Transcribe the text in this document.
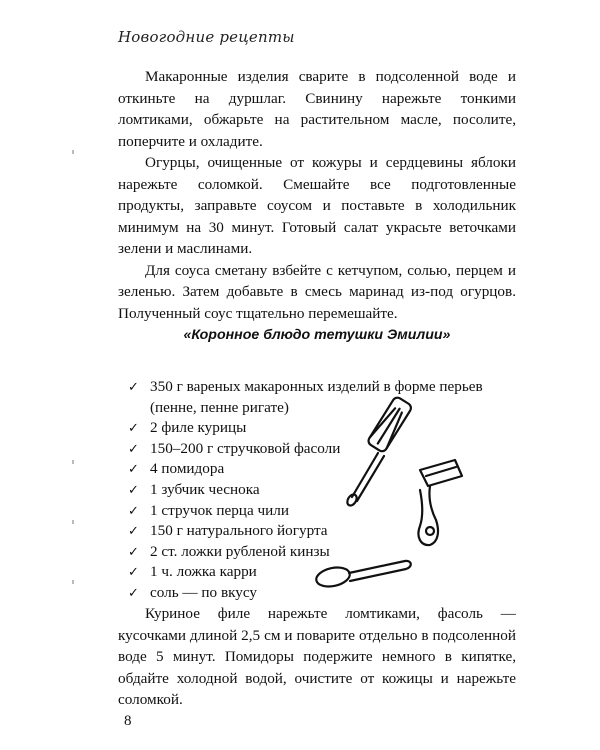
Новогодние рецепты

Макаронные изделия сварите в подсоленной воде и откиньте на дуршлаг. Свинину нарежьте тонкими ломтиками, обжарьте на растительном масле, посолите, поперчите и охладите.

Огурцы, очищенные от кожуры и сердцевины яблоки нарежьте соломкой. Смешайте все подготовленные продукты, заправьте соусом и поставьте в холодильник минимум на 30 минут. Готовый салат украсьте веточками зелени и маслинами.

Для соуса сметану взбейте с кетчупом, солью, перцем и зеленью. Затем добавьте в смесь маринад из-под огурцов. Полученный соус тщательно перемешайте.

«Коронное блюдо тетушки Эмилии»
✓ 350 г вареных макаронных изделий в форме перьев
(пенне, пенне ригате)
✓ 2 филе курицы
✓ 150–200 г стручковой фасоли
✓ 4 помидора
✓ 1 зубчик чеснока
✓ 1 стручок перца чили
✓ 150 г натурального йогурта
✓ 2 ст. ложки рубленой кинзы
✓ 1 ч. ложка карри
✓ соль — по вкусу

Куриное филе нарежьте ломтиками, фасоль — кусочками длиной 2,5 см и поварите отдельно в подсоленной воде 5 минут. Помидоры подержите немного в кипятке, обдайте холодной водой, очистите от кожицы и нарежьте соломкой.

8
